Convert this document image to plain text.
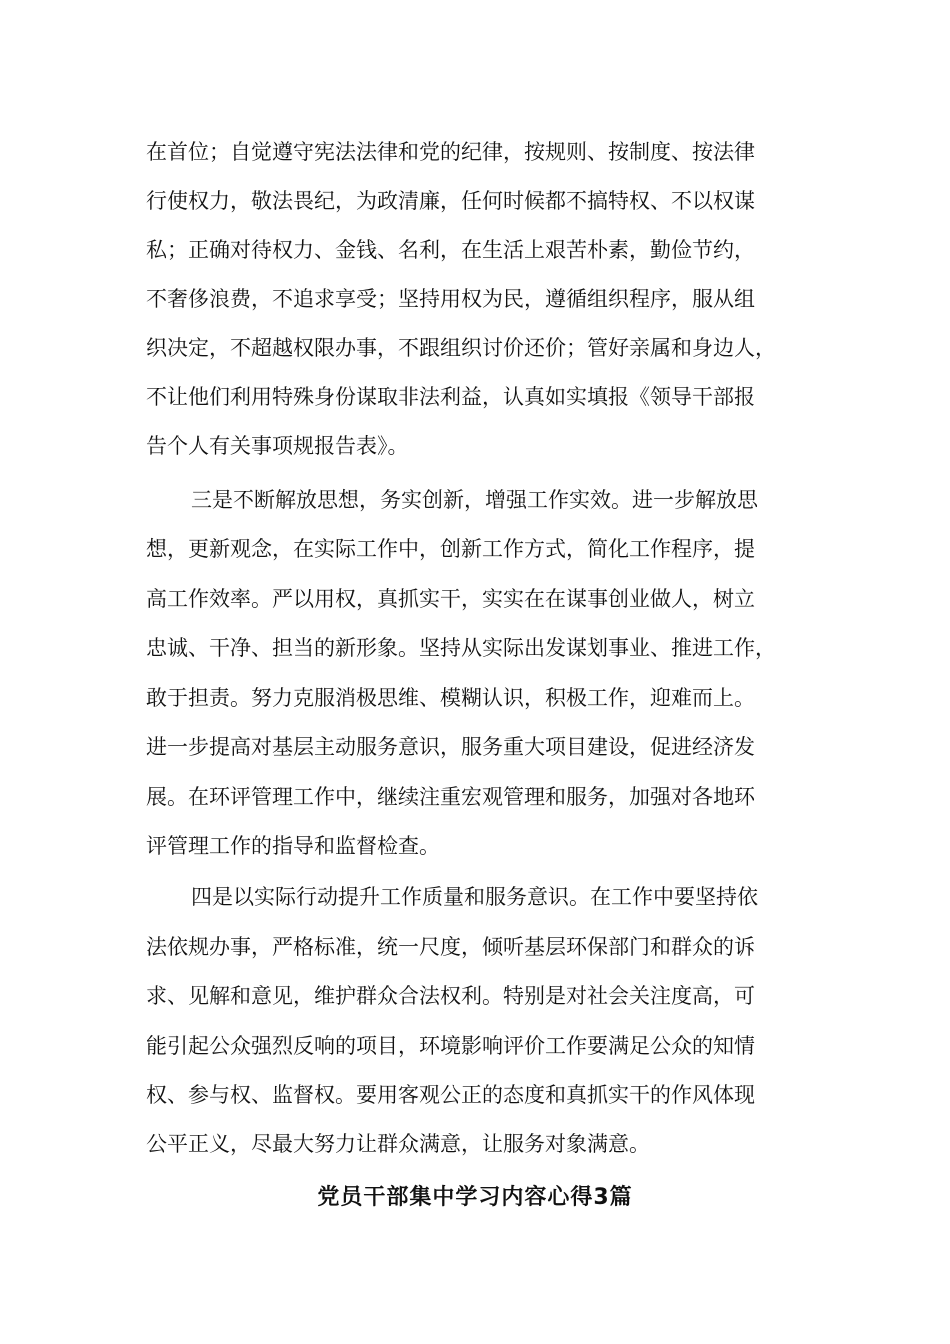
在首位；自觉遵守宪法法律和党的纪律，按规则、按制度、按法律
行使权力，敬法畏纪，为政清廉，任何时候都不搞特权、不以权谋
私；正确对待权力、金钱、名利，在生活上艰苦朴素，勤俭节约，
不奢侈浪费，不追求享受；坚持用权为民，遵循组织程序，服从组
织决定，不超越权限办事，不跟组织讨价还价；管好亲属和身边人，
不让他们利用特殊身份谋取非法利益，认真如实填报《领导干部报
告个人有关事项规报告表》。
三是不断解放思想，务实创新，增强工作实效。进一步解放思
想，更新观念，在实际工作中，创新工作方式，简化工作程序，提
高工作效率。严以用权，真抓实干，实实在在谋事创业做人，树立
忠诚、干净、担当的新形象。坚持从实际出发谋划事业、推进工作，
敢于担责。努力克服消极思维、模糊认识，积极工作，迎难而上。
进一步提高对基层主动服务意识，服务重大项目建设，促进经济发
展。在环评管理工作中，继续注重宏观管理和服务，加强对各地环
评管理工作的指导和监督检查。
四是以实际行动提升工作质量和服务意识。在工作中要坚持依
法依规办事，严格标准，统一尺度，倾听基层环保部门和群众的诉
求、见解和意见，维护群众合法权利。特别是对社会关注度高，可
能引起公众强烈反响的项目，环境影响评价工作要满足公众的知情
权、参与权、监督权。要用客观公正的态度和真抓实干的作风体现
公平正义，尽最大努力让群众满意，让服务对象满意。
党员干部集中学习内容心得3篇
